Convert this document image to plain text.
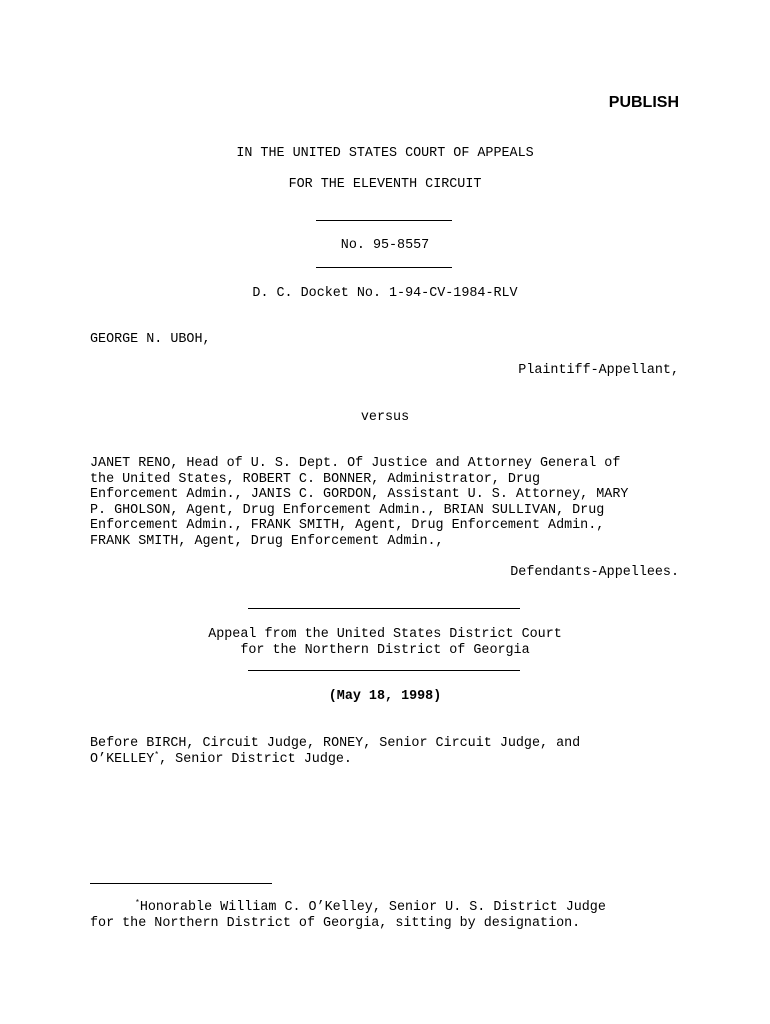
PUBLISH
IN THE UNITED STATES COURT OF APPEALS
FOR THE ELEVENTH CIRCUIT
No. 95-8557
D. C. Docket No. 1-94-CV-1984-RLV
GEORGE N. UBOH,
Plaintiff-Appellant,
versus
JANET RENO, Head of U. S. Dept. Of Justice and Attorney General of
the United States, ROBERT C. BONNER, Administrator, Drug
Enforcement Admin., JANIS C. GORDON, Assistant U. S. Attorney, MARY
P. GHOLSON, Agent, Drug Enforcement Admin., BRIAN SULLIVAN, Drug
Enforcement Admin., FRANK SMITH, Agent, Drug Enforcement Admin.,
FRANK SMITH, Agent, Drug Enforcement Admin.,
Defendants-Appellees.
Appeal from the United States District Court
for the Northern District of Georgia
(May 18, 1998)
Before BIRCH, Circuit Judge, RONEY, Senior Circuit Judge, and
O’KELLEY*, Senior District Judge.
*Honorable William C. O’Kelley, Senior U. S. District Judge
for the Northern District of Georgia, sitting by designation.
